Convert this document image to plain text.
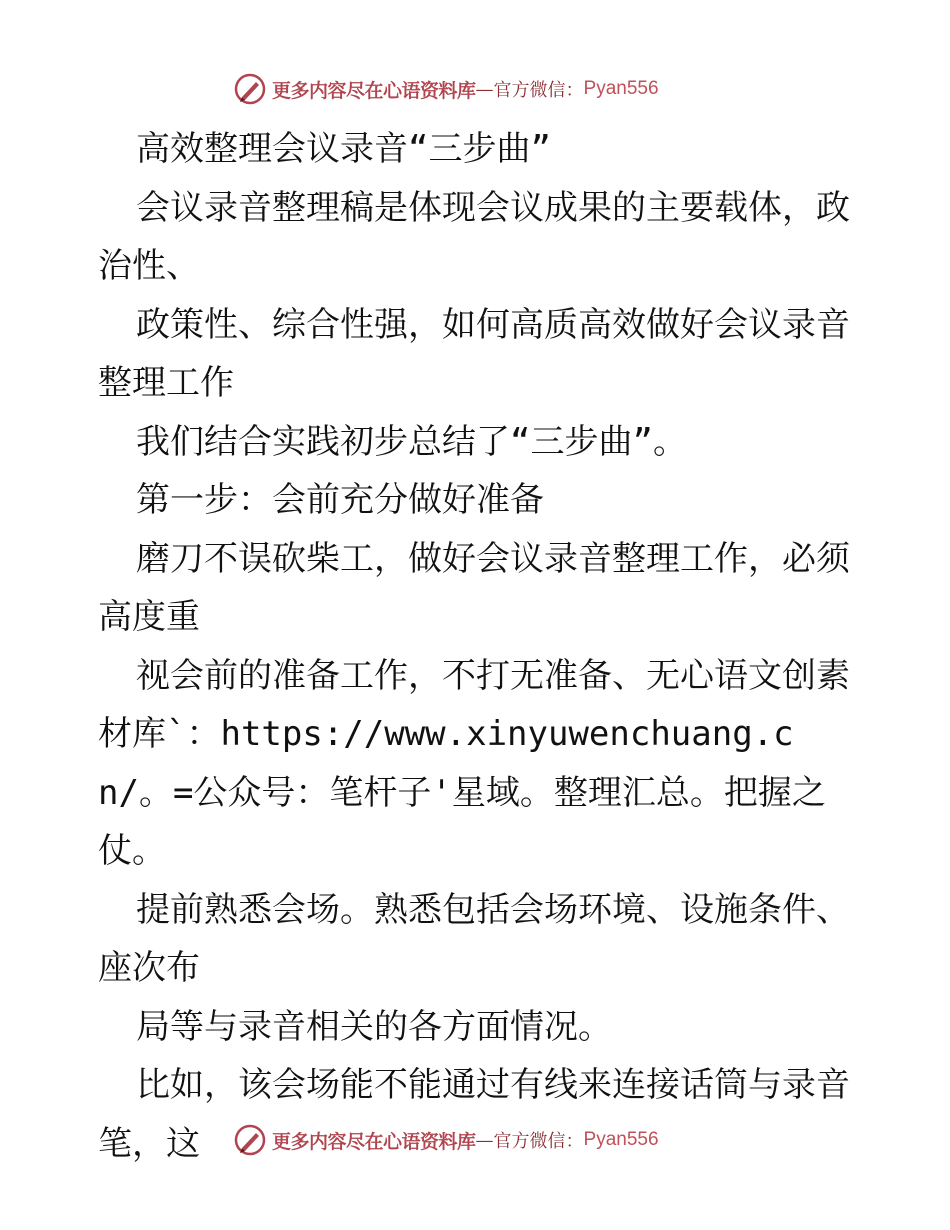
更多内容尽在心语资料库 — 官方微信： Pyan556

高效整理会议录音“三步曲”

会议录音整理稿是体现会议成果的主要载体，政治性、

政策性、综合性强，如何高质高效做好会议录音整理工作

我们结合实践初步总结了“三步曲”。

第一步：会前充分做好准备

磨刀不误砍柴工，做好会议录音整理工作，必须高度重

视会前的准备工作，不打无准备、无心语文创素材库`：https://www.xinyuwenchuang.cn/。=公众号：笔杆子'星域。整理汇总。把握之仗。

提前熟悉会场。熟悉包括会场环境、设施条件、座次布

局等与录音相关的各方面情况。

比如，该会场能不能通过有线来连接话筒与录音笔，这	更多内容尽在心语资料库 — 官方微信： Pyan556
